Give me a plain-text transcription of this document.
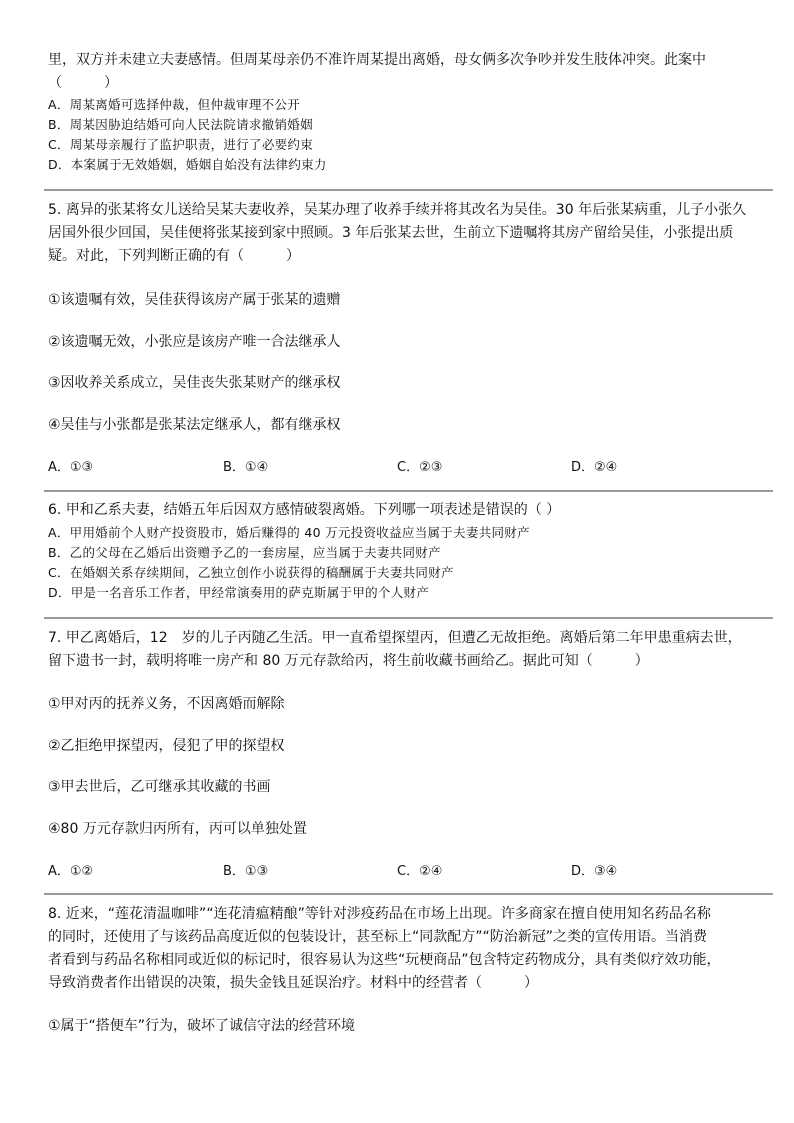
里，双方并未建立夫妻感情。但周某母亲仍不准许周某提出离婚，母女俩多次争吵并发生肢体冲突。此案中
（　　　）
A．周某离婚可选择仲裁，但仲裁审理不公开
B．周某因胁迫结婚可向人民法院请求撤销婚姻
C．周某母亲履行了监护职责，进行了必要约束
D．本案属于无效婚姻，婚姻自始没有法律约束力
5. 离异的张某将女儿送给吴某夫妻收养，吴某办理了收养手续并将其改名为吴佳。30 年后张某病重，儿子小张久
居国外很少回国，吴佳便将张某接到家中照顾。3 年后张某去世，生前立下遗嘱将其房产留给吴佳，小张提出质
疑。对此，下列判断正确的有（　　　）
①该遗嘱有效，吴佳获得该房产属于张某的遗赠
②该遗嘱无效，小张应是该房产唯一合法继承人
③因收养关系成立，吴佳丧失张某财产的继承权
④吴佳与小张都是张某法定继承人，都有继承权
A．①③	B．①④	C．②③	D．②④
6. 甲和乙系夫妻，结婚五年后因双方感情破裂离婚。下列哪一项表述是错误的（ ）
A．甲用婚前个人财产投资股市，婚后赚得的 40 万元投资收益应当属于夫妻共同财产
B．乙的父母在乙婚后出资赠予乙的一套房屋，应当属于夫妻共同财产
C．在婚姻关系存续期间，乙独立创作小说获得的稿酬属于夫妻共同财产
D．甲是一名音乐工作者，甲经常演奏用的萨克斯属于甲的个人财产
7. 甲乙离婚后，12　岁的儿子丙随乙生活。甲一直希望探望丙，但遭乙无故拒绝。离婚后第二年甲患重病去世，
留下遗书一封，载明将唯一房产和 80 万元存款给丙，将生前收藏书画给乙。据此可知（　　　）
①甲对丙的抚养义务，不因离婚而解除
②乙拒绝甲探望丙，侵犯了甲的探望权
③甲去世后，乙可继承其收藏的书画
④80 万元存款归丙所有，丙可以单独处置
A．①②	B．①③	C．②④	D．③④
8. 近来，“莲花清温咖啡”“连花清瘟精酿”等针对涉疫药品在市场上出现。许多商家在擅自使用知名药品名称
的同时，还使用了与该药品高度近似的包装设计，甚至标上“同款配方”“防治新冠”之类的宣传用语。当消费
者看到与药品名称相同或近似的标记时，很容易认为这些“玩梗商品”包含特定药物成分，具有类似疗效功能，
导致消费者作出错误的决策，损失金钱且延误治疗。材料中的经营者（　　　）
①属于“搭便车”行为，破坏了诚信守法的经营环境
